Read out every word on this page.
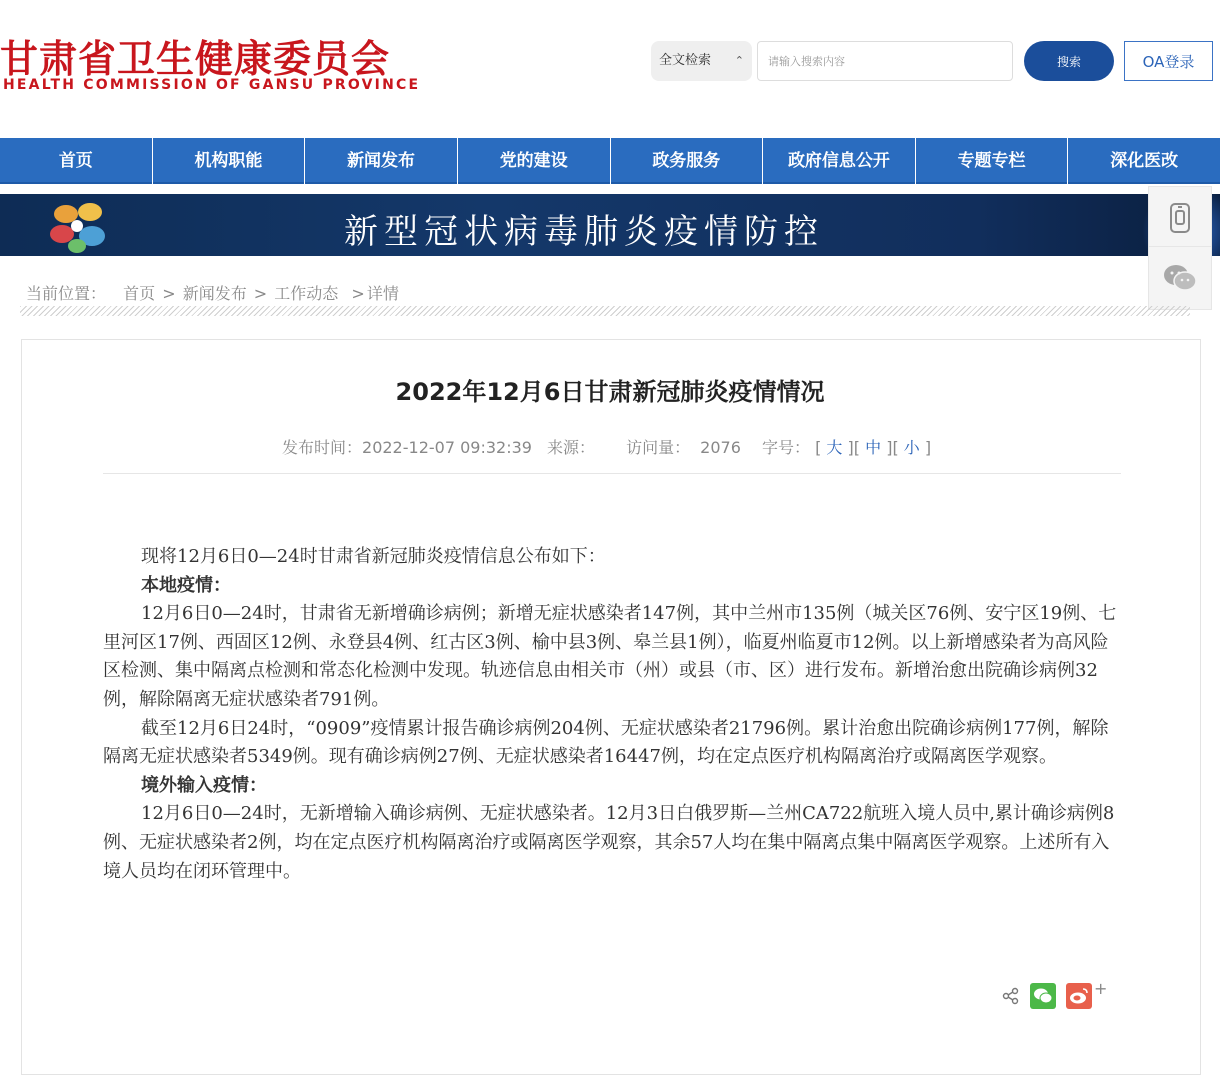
甘肃省卫生健康委员会
HEALTH COMMISSION OF GANSU PROVINCE
全文检索 ⌃︎
请输入搜索内容	搜索	OA登录
首页	机构职能	新闻发布	党的建设	政务服务	政府信息公开	专题专栏	深化医改
新型冠状病毒肺炎疫情防控
当前位置： 首页 > 新闻发布 > 工作动态 > 详情
2022年12月6日甘肃新冠肺炎疫情情况
发布时间：2022-12-07 09:32:39 来源： 访问量： 2076 字号： [ 大 ][ 中 ][ 小 ]

现将12月6日0—24时甘肃省新冠肺炎疫情信息公布如下：

本地疫情：

12月6日0—24时，甘肃省无新增确诊病例；新增无症状感染者147例，其中兰州市135例（城关区76例、安宁区19例、七里河区17例、西固区12例、永登县4例、红古区3例、榆中县3例、皋兰县1例），临夏州临夏市12例。以上新增感染者为高风险区检测、集中隔离点检测和常态化检测中发现。轨迹信息由相关市（州）或县（市、区）进行发布。新增治愈出院确诊病例32例，解除隔离无症状感染者791例。

截至12月6日24时，“0909”疫情累计报告确诊病例204例、无症状感染者21796例。累计治愈出院确诊病例177例，解除隔离无症状感染者5349例。现有确诊病例27例、无症状感染者16447例，均在定点医疗机构隔离治疗或隔离医学观察。

境外输入疫情：

12月6日0—24时，无新增输入确诊病例、无症状感染者。12月3日白俄罗斯—兰州CA722航班入境人员中,累计确诊病例8例、无症状感染者2例，均在定点医疗机构隔离治疗或隔离医学观察，其余57人均在集中隔离点集中隔离医学观察。上述所有入境人员均在闭环管理中。

+
